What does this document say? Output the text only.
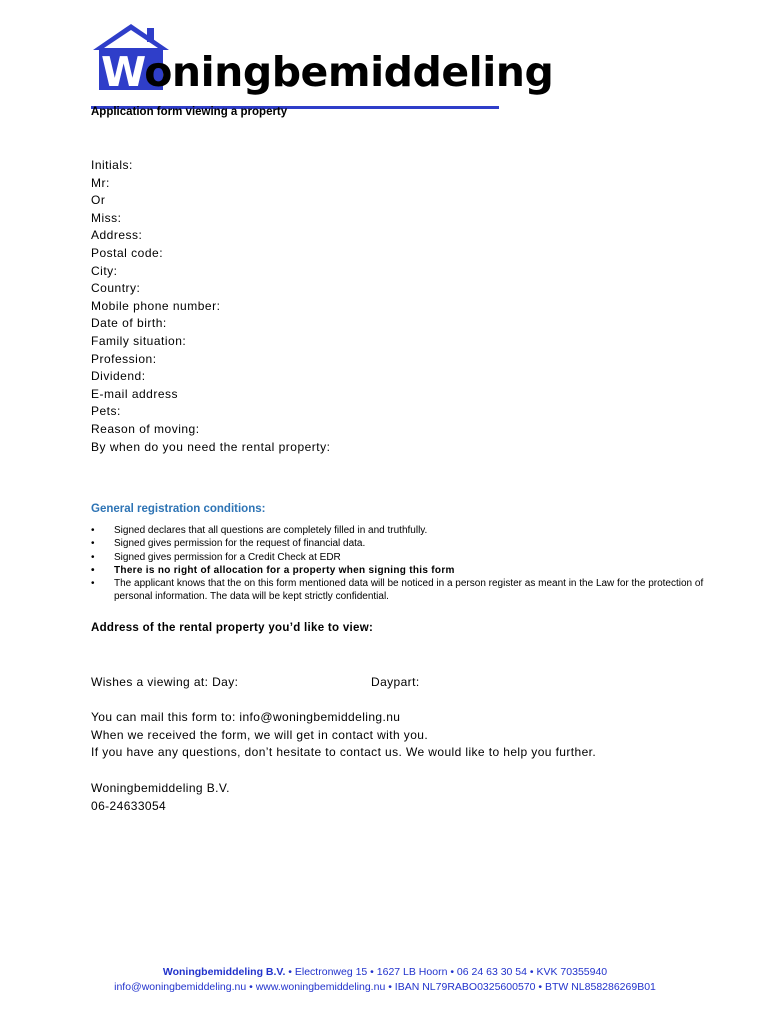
Woningbemiddeling
Application form viewing a property
Initials:
Mr:
Or
Miss:
Address:
Postal code:
City:
Country:
Mobile phone number:
Date of birth:
Family situation:
Profession:
Dividend:
E-mail address
Pets:
Reason of moving:
By when do you need the rental property:
General registration conditions:
• Signed declares that all questions are completely filled in and truthfully.
• Signed gives permission for the request of financial data.
• Signed gives permission for a Credit Check at EDR
• There is no right of allocation for a property when signing this form
• The applicant knows that the on this form mentioned data will be noticed in a person register as meant in the Law for the protection of personal information. The data will be kept strictly confidential.
Address of the rental property you’d like to view:
Wishes a viewing at: Day:	Daypart:
You can mail this form to: info@woningbemiddeling.nu
When we received the form, we will get in contact with you.
If you have any questions, don’t hesitate to contact us. We would like to help you further.
Woningbemiddeling B.V.
06-24633054
Woningbemiddeling B.V. • Electronweg 15 • 1627 LB Hoorn • 06 24 63 30 54 • KVK 70355940
info@woningbemiddeling.nu • www.woningbemiddeling.nu • IBAN NL79RABO0325600570 • BTW NL858286269B01
